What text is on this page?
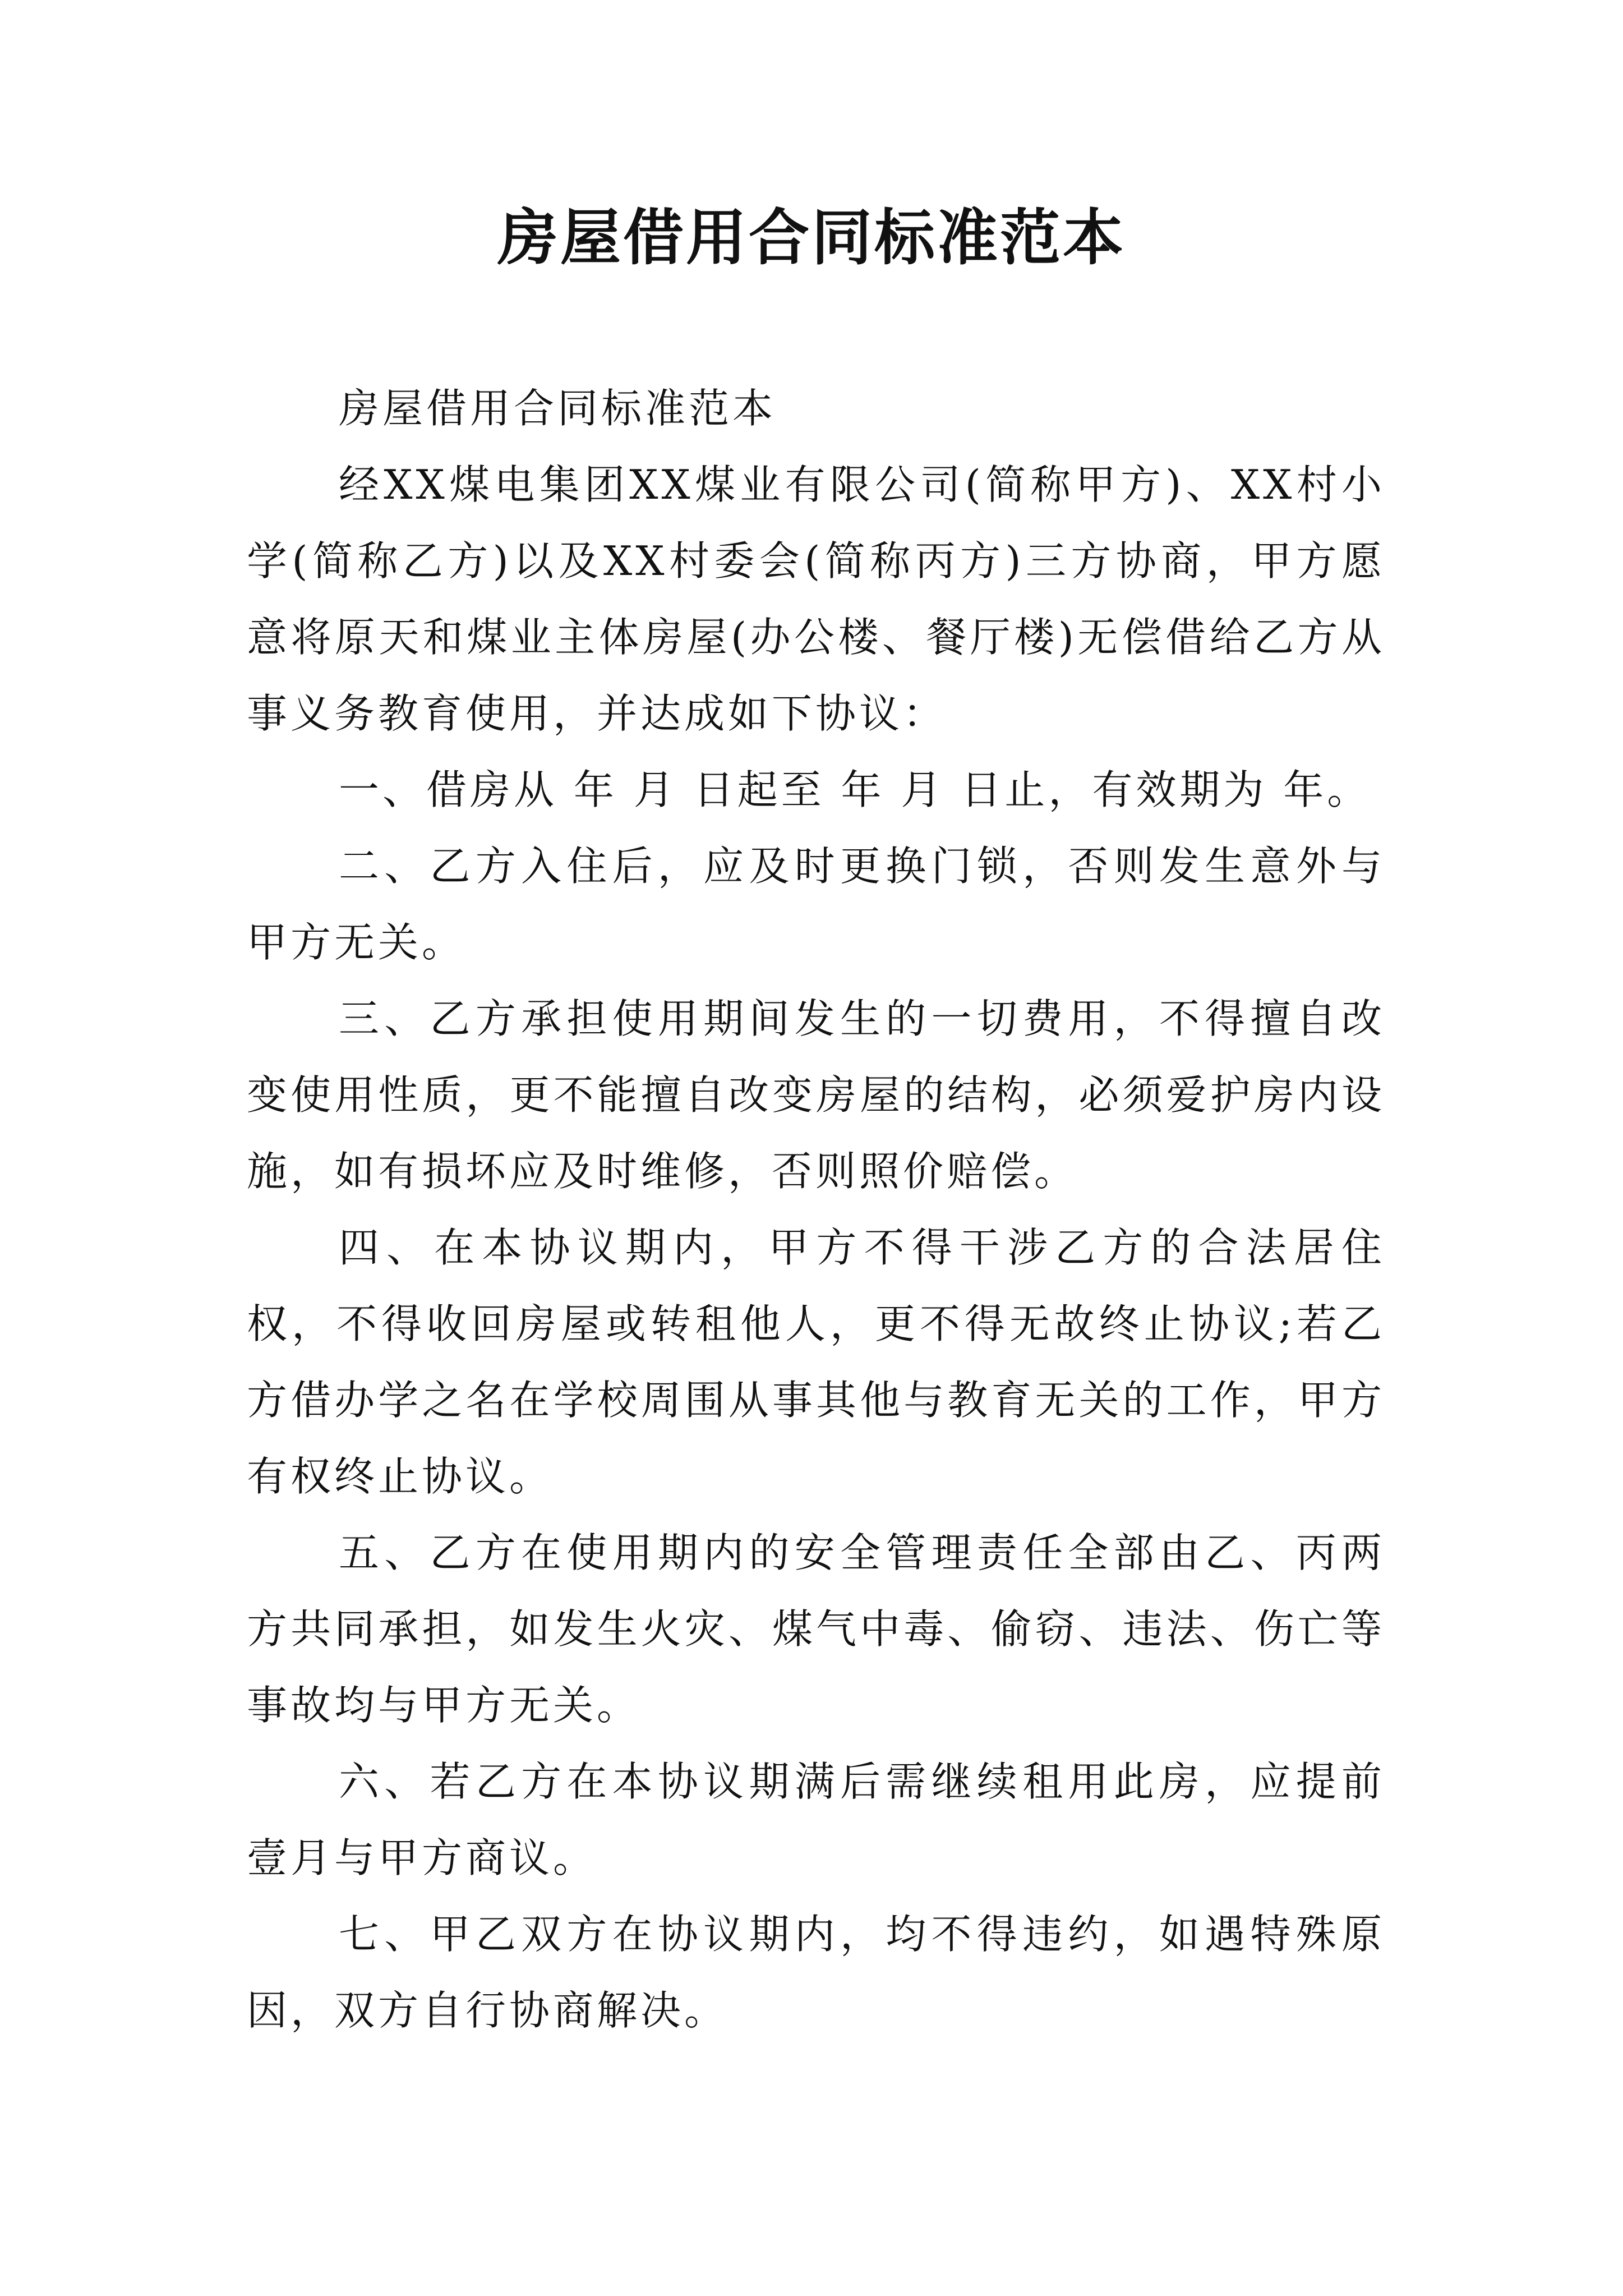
房屋借用合同标准范本

房屋借用合同标准范本

经XX煤电集团XX煤业有限公司(简称甲方)、XX村小学(简称乙方)以及XX村委会(简称丙方)三方协商，甲方愿意将原天和煤业主体房屋(办公楼、餐厅楼)无偿借给乙方从事义务教育使用，并达成如下协议：

一、借房从 年 月 日起至 年 月 日止，有效期为 年。

二、乙方入住后，应及时更换门锁，否则发生意外与甲方无关。

三、乙方承担使用期间发生的一切费用，不得擅自改变使用性质，更不能擅自改变房屋的结构，必须爱护房内设施，如有损坏应及时维修，否则照价赔偿。

四、在本协议期内，甲方不得干涉乙方的合法居住权，不得收回房屋或转租他人，更不得无故终止协议;若乙方借办学之名在学校周围从事其他与教育无关的工作，甲方有权终止协议。

五、乙方在使用期内的安全管理责任全部由乙、丙两方共同承担，如发生火灾、煤气中毒、偷窃、违法、伤亡等事故均与甲方无关。

六、若乙方在本协议期满后需继续租用此房，应提前壹月与甲方商议。

七、甲乙双方在协议期内，均不得违约，如遇特殊原因，双方自行协商解决。
